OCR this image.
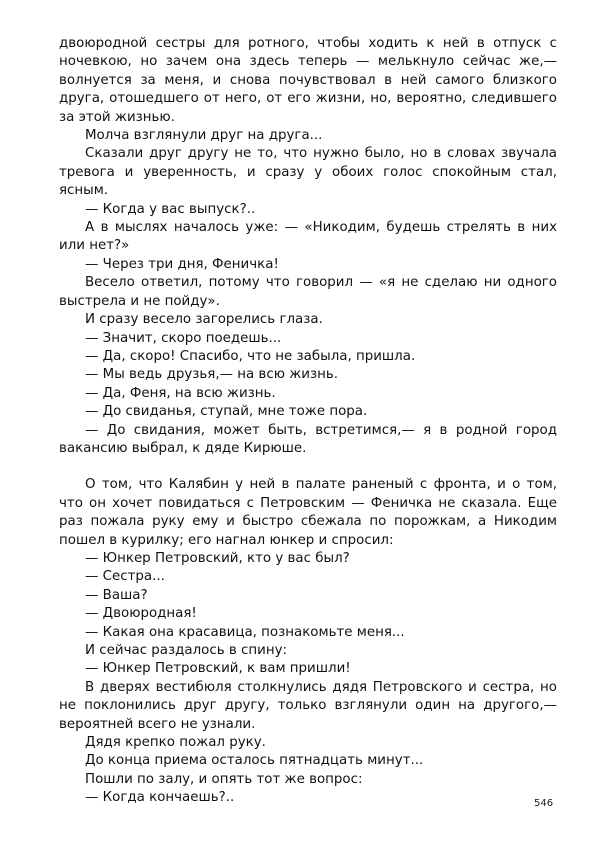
двоюродной сестры для ротного, чтобы ходить к ней в отпуск с ночевкою, но зачем она здесь теперь — мелькнуло сейчас же,— волнуется за меня, и снова почувствовал в ней самого близкого друга, отошедшего от него, от его жизни, но, вероятно, следившего за этой жизнью.

Молча взглянули друг на друга...

Сказали друг другу не то, что нужно было, но в словах звучала тревога и уверенность, и сразу у обоих голос спокойным стал, ясным.

— Когда у вас выпуск?..

А в мыслях началось уже: — «Никодим, будешь стрелять в них или нет?»

— Через три дня, Феничка!

Весело ответил, потому что говорил — «я не сделаю ни одного выстрела и не пойду».

И сразу весело загорелись глаза.

— Значит, скоро поедешь...

— Да, скоро! Спасибо, что не забыла, пришла.

— Мы ведь друзья,— на всю жизнь.

— Да, Феня, на всю жизнь.

— До свиданья, ступай, мне тоже пора.

— До свидания, может быть, встретимся,— я в родной город вакансию выбрал, к дяде Кирюше.

О том, что Калябин у ней в палате раненый с фронта, и о том, что он хочет повидаться с Петровским — Феничка не сказала. Еще раз пожала руку ему и быстро сбежала по порожкам, а Никодим пошел в курилку; его нагнал юнкер и спросил:

— Юнкер Петровский, кто у вас был?

— Сестра...

— Ваша?

— Двоюродная!

— Какая она красавица, познакомьте меня...

И сейчас раздалось в спину:

— Юнкер Петровский, к вам пришли!

В дверях вестибюля столкнулись дядя Петровского и сестра, но не поклонились друг другу, только взглянули один на другого,— вероятней всего не узнали.

Дядя крепко пожал руку.

До конца приема осталось пятнадцать минут...

Пошли по залу, и опять тот же вопрос:

— Когда кончаешь?..	546
